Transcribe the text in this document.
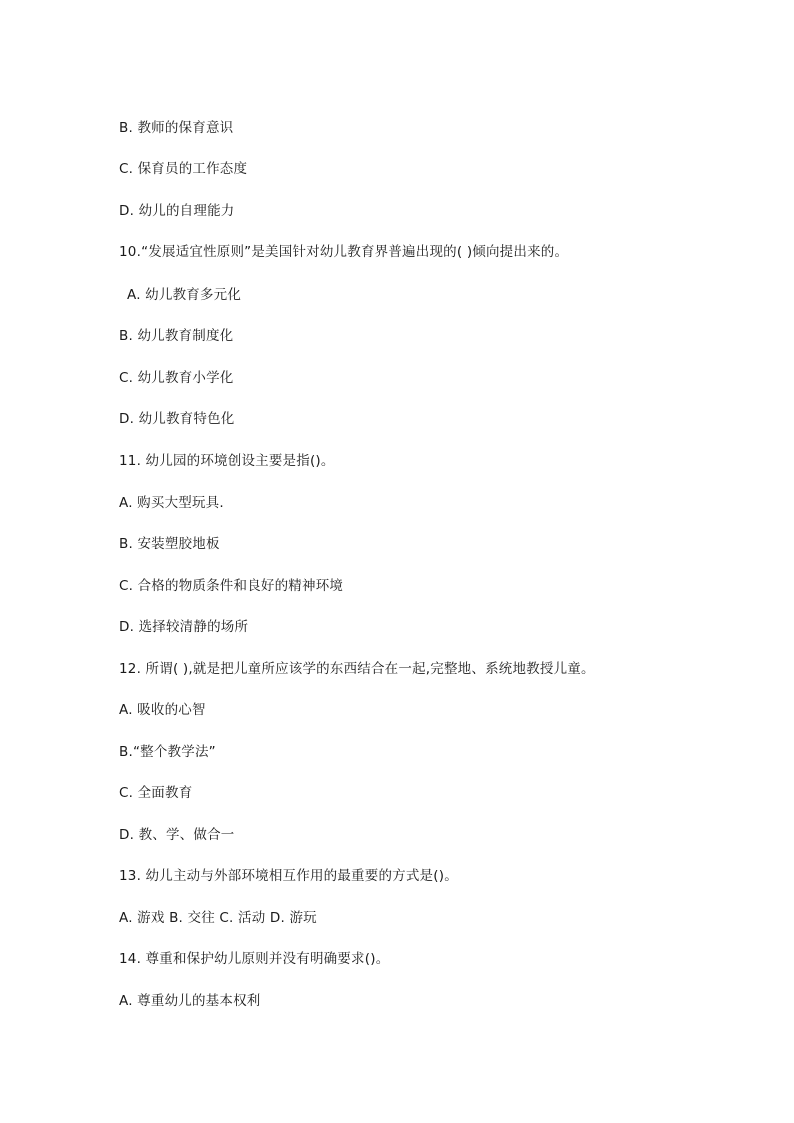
B. 教师的保育意识
C. 保育员的工作态度
D. 幼儿的自理能力
10.“发展适宜性原则”是美国针对幼儿教育界普遍出现的( )倾向提出来的。
A. 幼儿教育多元化
B. 幼儿教育制度化
C. 幼儿教育小学化
D. 幼儿教育特色化
11. 幼儿园的环境创设主要是指()。
A. 购买大型玩具.
B. 安装塑胶地板
C. 合格的物质条件和良好的精神环境
D. 选择较清静的场所
12. 所谓( ),就是把儿童所应该学的东西结合在一起,完整地、系统地教授儿童。
A. 吸收的心智
B.“整个教学法”
C. 全面教育
D. 教、学、做合一
13. 幼儿主动与外部环境相互作用的最重要的方式是()。
A. 游戏 B. 交往 C. 活动 D. 游玩
14. 尊重和保护幼儿原则并没有明确要求()。
A. 尊重幼儿的基本权利
